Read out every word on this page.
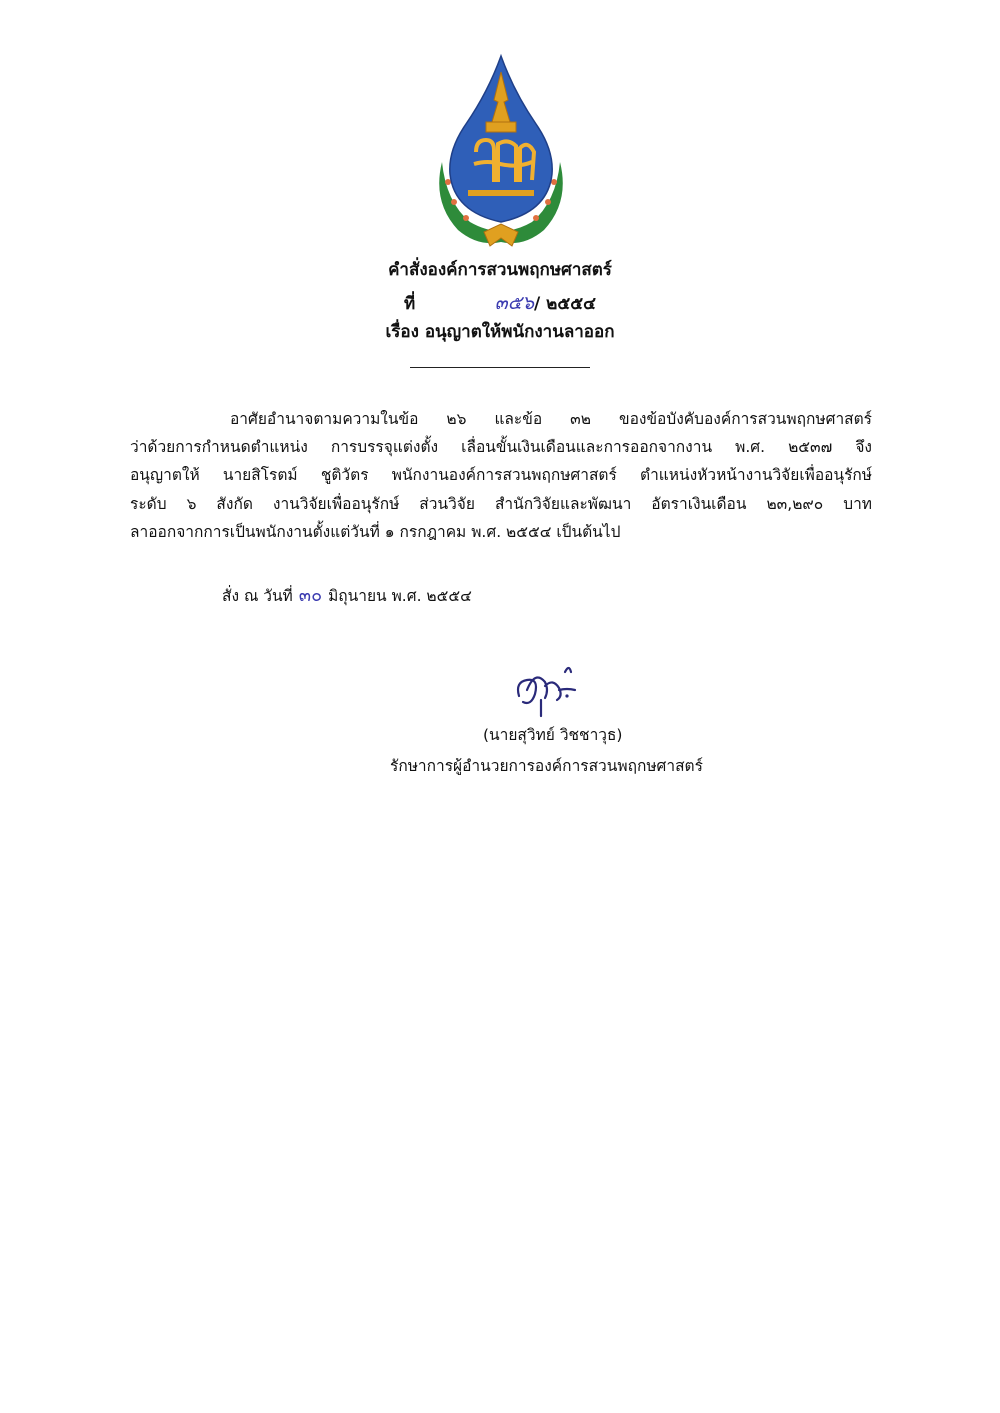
คำสั่งองค์การสวนพฤกษศาสตร์
ที่	๓๕๖/ ๒๕๕๔
เรื่อง อนุญาตให้พนักงานลาออก
อาศัยอำนาจตามความในข้อ ๒๖ และข้อ ๓๒ ของข้อบังคับองค์การสวนพฤกษศาสตร์
ว่าด้วยการกำหนดตำแหน่ง การบรรจุแต่งตั้ง เลื่อนขั้นเงินเดือนและการออกจากงาน พ.ศ. ๒๕๓๗ จึง
อนุญาตให้ นายสิโรตม์ ชูติวัตร พนักงานองค์การสวนพฤกษศาสตร์ ตำแหน่งหัวหน้างานวิจัยเพื่ออนุรักษ์
ระดับ ๖ สังกัด งานวิจัยเพื่ออนุรักษ์ ส่วนวิจัย สำนักวิจัยและพัฒนา อัตราเงินเดือน ๒๓,๒๙๐ บาท
ลาออกจากการเป็นพนักงานตั้งแต่วันที่ ๑ กรกฎาคม พ.ศ. ๒๕๕๔ เป็นต้นไป
สั่ง ณ วันที่ ๓๐ มิถุนายน พ.ศ. ๒๕๕๔
(นายสุวิทย์ วิชชาวุธ)
รักษาการผู้อำนวยการองค์การสวนพฤกษศาสตร์
